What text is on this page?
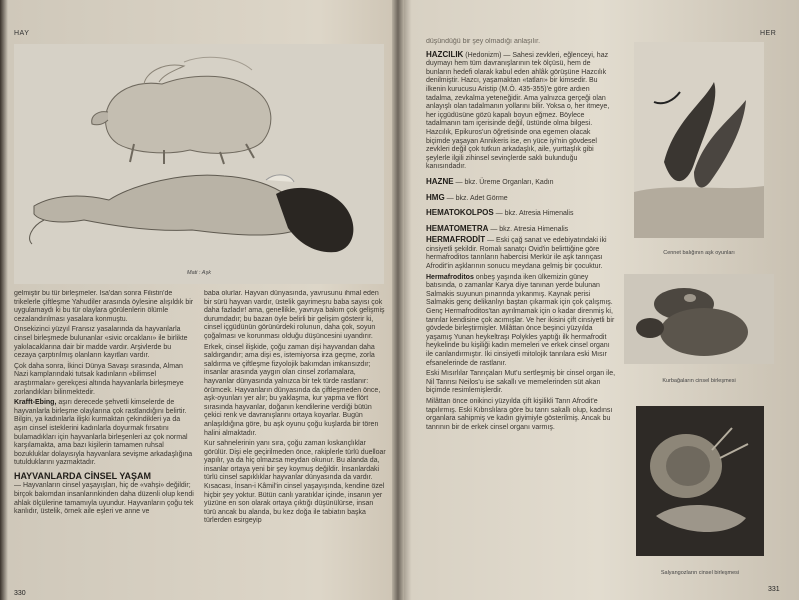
HAY
Mati : Aşk

gelmiştir bu tür birleşmeler. İsa'dan sonra Filistin'de trikelerle çiftleşme Yahudiler arasında öylesine alışıldık bir uygulamaydı ki bu tür olaylara görülenlerin ölümle cezalandırılması yasalara konmuştu.

Onsekizinci yüzyıl Fransız yasalarında da hayvanlarla cinsel birleşmede bulunanlar «sivic orcaklanı» ile birlikte yakılacaklarına dair bir madde vardır. Arşivlerde bu cezaya çarptırılmış olanların kayıtları vardır.

Çok daha sonra, İkinci Dünya Savaşı sırasında, Alman Nazi kamplarındaki tutsak kadınların «bilimsel araştırmalar» gerekçesi altında hayvanlarla birleşmeye zorlandıkları bilinmektedir.

Krafft-Ebing, aşırı derecede şehvetli kimselerde de hayvanlarla birleşme olaylarına çok rastlandığını belirtir. Bilgin, ya kadınlarla ilişki kurmaktan çekindikleri ya da aşırı cinsel isteklerini kadınlarla doyurmak fırsatını bulamadıkları için hayvanlarla birleşenleri az çok normal karşılamakta, ama bazı kişilerin tamamen ruhsal bozukluklar dolayısıyla hayvanlara sevişme arkadaşlığına tutulduklarını yazmaktadır.

HAYVANLARDA CİNSEL YAŞAM

— Hayvanların cinsel yaşayışları, hiç de «vahşi» değildir; birçok bakımdan insanlarınkinden daha düzenli olup kendi ahlak ölçülerine tamamıyla uyundur. Hayvanların çoğu tek kanlıdır, üstelik, örnek aile eşleri ve anne ve

baba olurlar. Hayvan dünyasında, yavrusunu ihmal eden bir sürü hayvan vardır, üstelik gayrimeşru baba sayısı çok daha fazladır! ama, genellikle, yavruya bakım çok gelişmiş durumdadır; bu bazan öyle belirli bir gelişim gösterir ki, cinsel içgüdünün görünürdeki rolunun, daha çok, soyun çoğalması ve korunması olduğu düşüncesini uyandırır.

Erkek, cinsel ilişkide, çoğu zaman dişi hayvandan daha saldırgandır; ama dişi es, istemiyorsa irza geçme, zorla saldırma ve çiftleşme fizyolojik bakımdan imkansızdır; insanlar arasında yaygın olan cinsel zorlamalara, hayvanlar dünyasında yalnızca bir tek türde rastlanır: örümcek. Hayvanların dünyasında da çiftleşmeden önce, aşk-oyunları yer alır; bu yaklaşma, kur yapma ve flört sırasında hayvanlar, doğanın kendilerine verdiği bütün çekici renk ve davranışlarını ortaya koyarlar. Bugün anlaşıldığına göre, bu aşk oyunu çoğu kuşlarda bir tören halini almaktadır.

Kur sahnelerinin yanı sıra, çoğu zaman kıskançlıklar görülür. Dişi ele geçirilmeden önce, rakiplerle türlü duelloar yapılır, ya da hiç olmazsa meydan okunur. Bu alanda da, insanlar ortaya yeni bir şey koymuş değildir. İnsanlardaki türlü cinsel sapıklıklar hayvanlar dünyasında da vardır. Kısacası, İnsan-i Kâmil'in cinsel yaşayışında, kendine özel hiçbir şey yoktur. Bütün canlı yaratıklar içinde, insanın yer yüzüne en son olarak ortaya çıktığı düşünülürse, insan türü ancak bu alanda, bu kez doğa ile tabiatın başka türlerden esirgeyip

330
HER

düşündüğü bir şey olmadığı anlaşılır.

HAZCILIK (Hedonizm) — Sahesi zevkleri, eğlenceyi, haz duymayı hem tüm davranışlarının tek ölçüsü, hem de bunların hedefi olarak kabul eden ahlâk görüşüne Hazcılık denilmiştir. Hazcı, yaşamaktan «tatları» bir kimsedir. Bu ilkenin kurucusu Aristip (M.Ö. 435-355)'e göre ardıen tadalma, zevkalma yeteneğidir. Ama yalnızca gerçeği olan anlayışlı olan tadalmanın yollarını bilir. Yoksa o, her itmeye, her içgüdüsüne gözü kapalı boyun eğmez. Böylece tadalmanın tam içerisinde değil, üstünde olma bilgesi. Hazcılık, Epikuros'un öğretisinde ona egemen olacak biçimde yaşayan Annikeris ise, en yüce iyi'nin gövdesel zevkleri değil çok tutkun arkadaşlık, aile, yurttaşlık gibi şeylerle ilgili zihinsel sevinçlerde saklı bulunduğu kanısındadır.

HAZNE — bkz. Üreme Organları, Kadın

HMG — bkz. Adet Görme

HEMATOKOLPOS — bkz. Atresia Himenalis

HEMATOMETRA — bkz. Atresia Himenalis

HERMAFRODİT — Eski çağ sanat ve edebiyatındaki iki cinsiyetli şekildir. Romalı sanatçı Ovid'in belirttiğine göre hermafroditos tanrıların habercisi Merkür ile aşk tanrıçası Afrodit'in aşklarının sonucu meydana gelmiş bir çocuktur.

Hermafroditos onbeş yaşında iken ülkemizin güney batısında, o zamanlar Karya diye tanınan yerde bulunan Salmakis suyunun pınarında yıkanmış. Kaynak perisi Salmakis genç delikanlıyı baştan çıkarmak için çok çalışmış. Genç Hermafroditos'tan ayrılmamak için o kadar direnmiş ki, tanrılar kendisine çok acımışlar. Ve her ikisini çift cinsiyetli bir gövdede birleştirmişler. Milâttan önce beşinci yüzyılda yaşamış Yunan heykeltraşı Polykles yaptığı ilk hermafrodit heykelinde bu kişiliği kadın memeleri ve erkek cinsel organı ile canlandırmıştır. İki cinsiyetli mitolojik tanrılara eski Mısır efsanelerinde de rastlanır.

Eski Mısırlılar Tanrıçaları Mut'u sertleşmiş bir cinsel organ ile, Nil Tanrısı Neilos'u ise sakallı ve memelerinden süt akan biçimde resimlemişlerdir.

Milâttan önce onikinci yüzyılda çift kişilikli Tanrı Afrodit'e tapılırmış. Eski Kıbrıslılara göre bu tanrı sakallı olup, kadınsı organlara sahipmiş ve kadın giyimiyle gösterilmiş. Ancak bu tanrının bir de erkek cinsel organı varmış.

Cennet balığının aşk oyunları
Kurbağaların cinsel birleşmesi
Salyangozların cinsel birleşmesi
331
